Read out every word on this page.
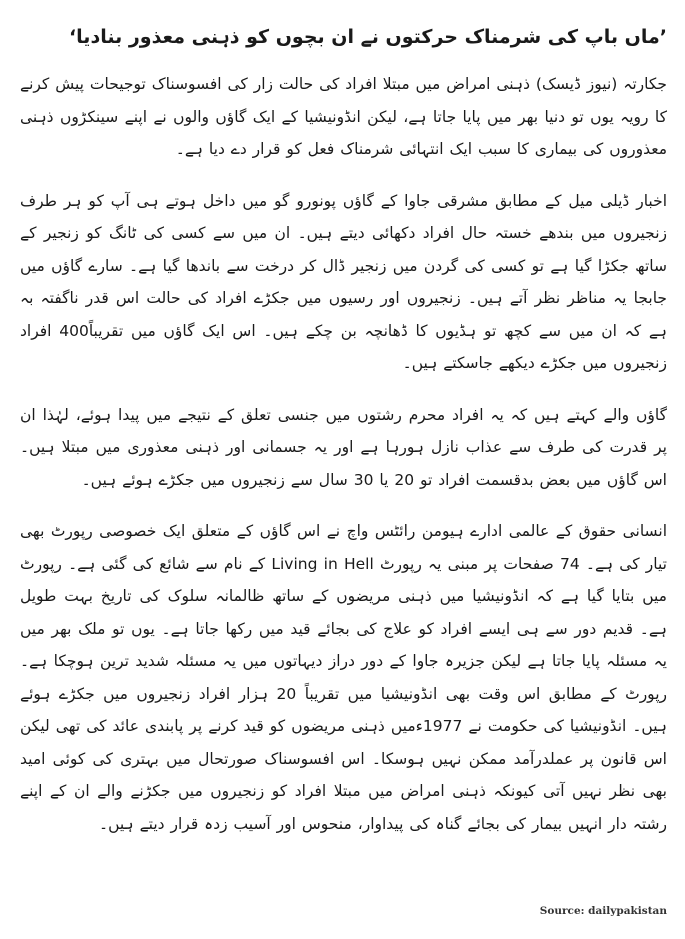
’ماں باپ کی شرمناک حرکتوں نے ان بچوں کو ذہنی معذور بنادیا‘

جکارتہ (نیوز ڈیسک) ذہنی امراض میں مبتلا افراد کی حالت زار کی افسوسناک توجیحات پیش کرنے کا رویہ یوں تو دنیا بھر میں پایا جاتا ہے، لیکن انڈونیشیا کے ایک گاﺅں والوں نے اپنے سینکڑوں ذہنی معذوروں کی بیماری کا سبب ایک انتہائی شرمناک فعل کو قرار دے دیا ہے۔

اخبار ڈیلی میل کے مطابق مشرقی جاوا کے گاﺅں پونورو گو میں داخل ہوتے ہی آپ کو ہر طرف زنجیروں میں بندھے خستہ حال افراد دکھائی دیتے ہیں۔ ان میں سے کسی کی ٹانگ کو زنجیر کے ساتھ جکڑا گیا ہے تو کسی کی گردن میں زنجیر ڈال کر درخت سے باندھا گیا ہے۔ سارے گاﺅں میں جابجا یہ مناظر نظر آتے ہیں۔ زنجیروں اور رسیوں میں جکڑے افراد کی حالت اس قدر ناگفتہ بہ ہے کہ ان میں سے کچھ تو ہڈیوں کا ڈھانچہ بن چکے ہیں۔ اس ایک گاﺅں میں تقریباً400 افراد زنجیروں میں جکڑے دیکھے جاسکتے ہیں۔

گاﺅں والے کہتے ہیں کہ یہ افراد محرم رشتوں میں جنسی تعلق کے نتیجے میں پیدا ہوئے، لہٰذا ان پر قدرت کی طرف سے عذاب نازل ہورہا ہے اور یہ جسمانی اور ذہنی معذوری میں مبتلا ہیں۔ اس گاﺅں میں بعض بدقسمت افراد تو 20 یا 30 سال سے زنجیروں میں جکڑے ہوئے ہیں۔

انسانی حقوق کے عالمی ادارے ہیومن رائٹس واچ نے اس گاﺅں کے متعلق ایک خصوصی رپورٹ بھی تیار کی ہے۔ 74 صفحات پر مبنی یہ رپورٹ Living in Hell کے نام سے شائع کی گئی ہے۔ رپورٹ میں بتایا گیا ہے کہ انڈونیشیا میں ذہنی مریضوں کے ساتھ ظالمانہ سلوک کی تاریخ بہت طویل ہے۔ قدیم دور سے ہی ایسے افراد کو علاج کی بجائے قید میں رکھا جاتا ہے۔ یوں تو ملک بھر میں یہ مسئلہ پایا جاتا ہے لیکن جزیرہ جاوا کے دور دراز دیہاتوں میں یہ مسئلہ شدید ترین ہوچکا ہے۔ رپورٹ کے مطابق اس وقت بھی انڈونیشیا میں تقریباً 20 ہزار افراد زنجیروں میں جکڑے ہوئے ہیں۔ انڈونیشیا کی حکومت نے 1977ءمیں ذہنی مریضوں کو قید کرنے پر پابندی عائد کی تھی لیکن اس قانون پر عملدرآمد ممکن نہیں ہوسکا۔ اس افسوسناک صورتحال میں بہتری کی کوئی امید بھی نظر نہیں آتی کیونکہ ذہنی امراض میں مبتلا افراد کو زنجیروں میں جکڑنے والے ان کے اپنے رشتہ دار انہیں بیمار کی بجائے گناہ کی پیداوار، منحوس اور آسیب زدہ قرار دیتے ہیں۔

Source: dailypakistan
